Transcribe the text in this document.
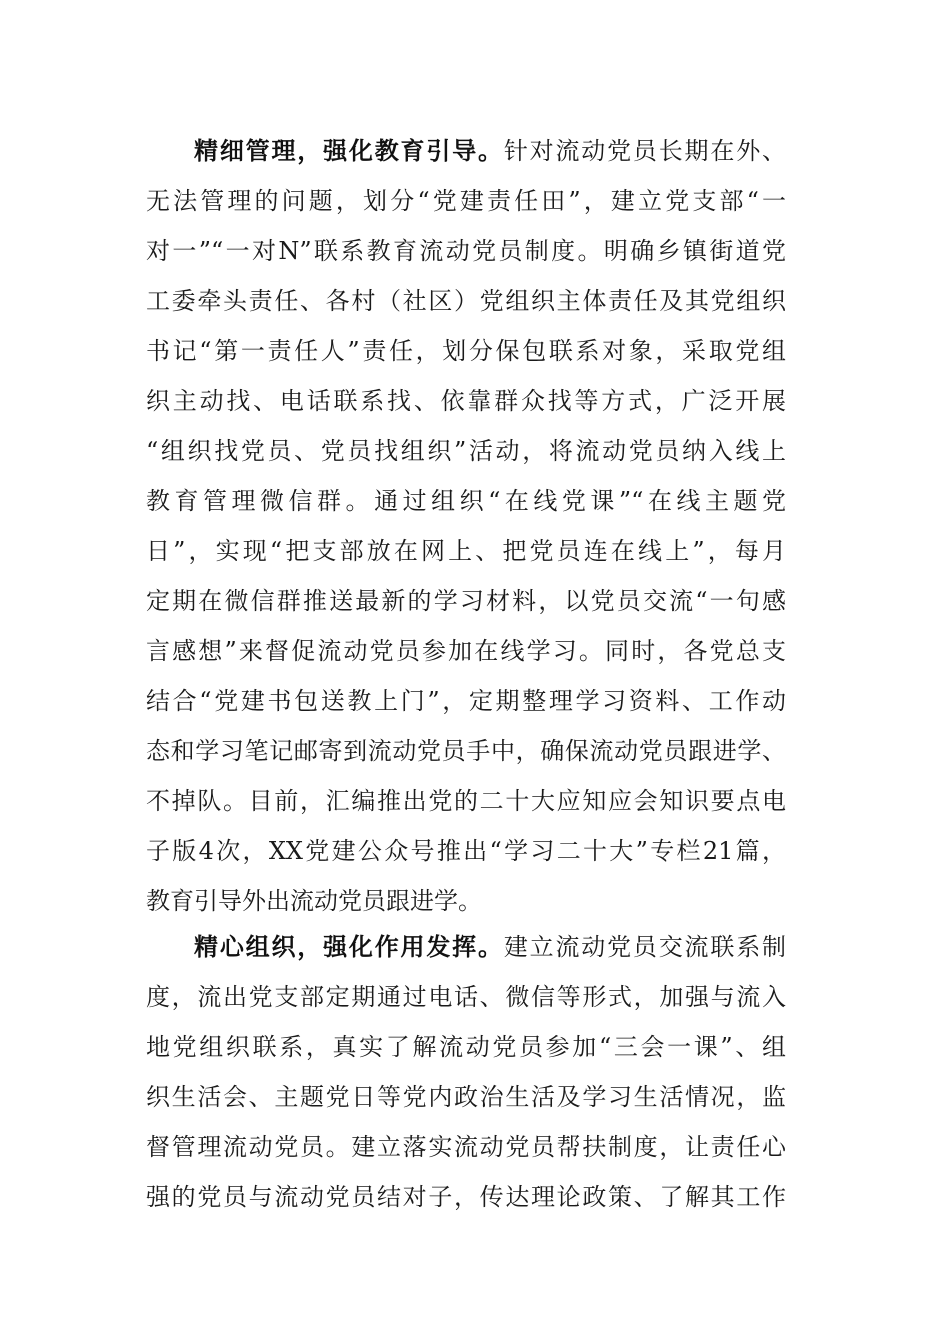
精细管理，强化教育引导。针对流动党员长期在外、
无法管理的问题，划分“党建责任田”，建立党支部“一
对一”“一对N”联系教育流动党员制度。明确乡镇街道党
工委牵头责任、各村（社区）党组织主体责任及其党组织
书记“第一责任人”责任，划分保包联系对象，采取党组
织主动找、电话联系找、依靠群众找等方式，广泛开展
“组织找党员、党员找组织”活动，将流动党员纳入线上
教育管理微信群。通过组织“在线党课”“在线主题党
日”，实现“把支部放在网上、把党员连在线上”，每月
定期在微信群推送最新的学习材料，以党员交流“一句感
言感想”来督促流动党员参加在线学习。同时，各党总支
结合“党建书包送教上门”，定期整理学习资料、工作动
态和学习笔记邮寄到流动党员手中，确保流动党员跟进学、
不掉队。目前，汇编推出党的二十大应知应会知识要点电
子版4次，XX党建公众号推出“学习二十大”专栏21篇，
教育引导外出流动党员跟进学。
精心组织，强化作用发挥。建立流动党员交流联系制
度，流出党支部定期通过电话、微信等形式，加强与流入
地党组织联系，真实了解流动党员参加“三会一课”、组
织生活会、主题党日等党内政治生活及学习生活情况，监
督管理流动党员。建立落实流动党员帮扶制度，让责任心
强的党员与流动党员结对子，传达理论政策、了解其工作
